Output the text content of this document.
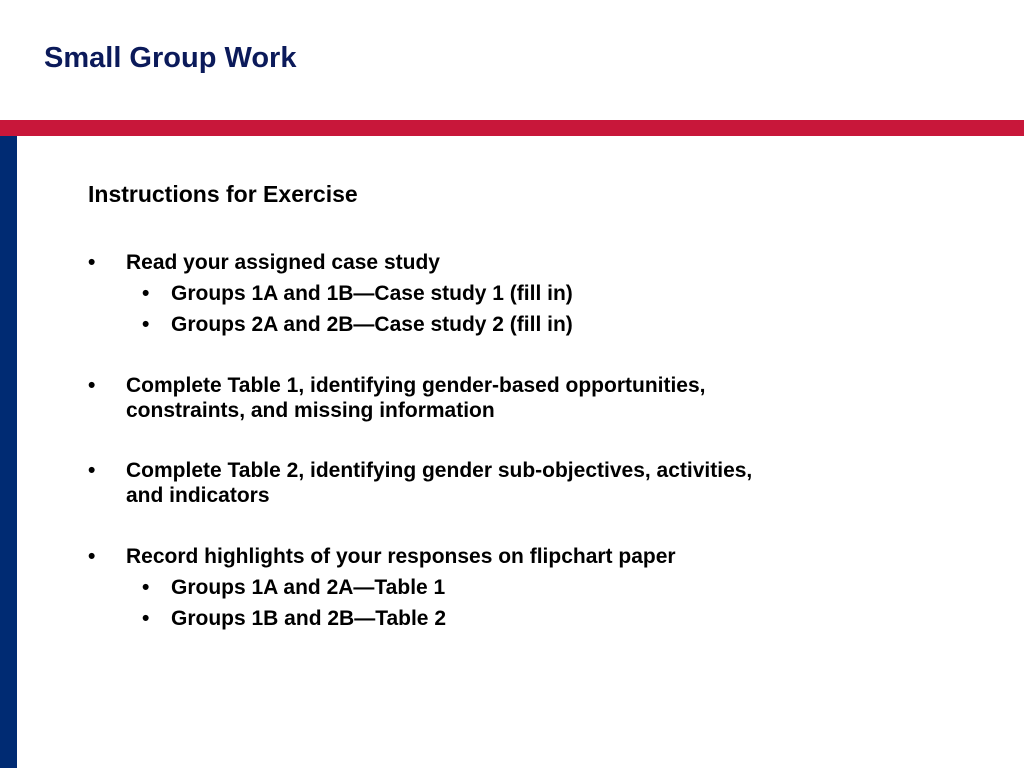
Small Group Work
Instructions for Exercise
• Read your assigned case study
• Groups 1A and 1B—Case study 1 (fill in)
• Groups 2A and 2B—Case study 2 (fill in)
• Complete Table 1, identifying gender-based opportunities,
constraints, and missing information
• Complete Table 2, identifying gender sub-objectives, activities,
and indicators
• Record highlights of your responses on flipchart paper
• Groups 1A and 2A—Table 1
• Groups 1B and 2B—Table 2
